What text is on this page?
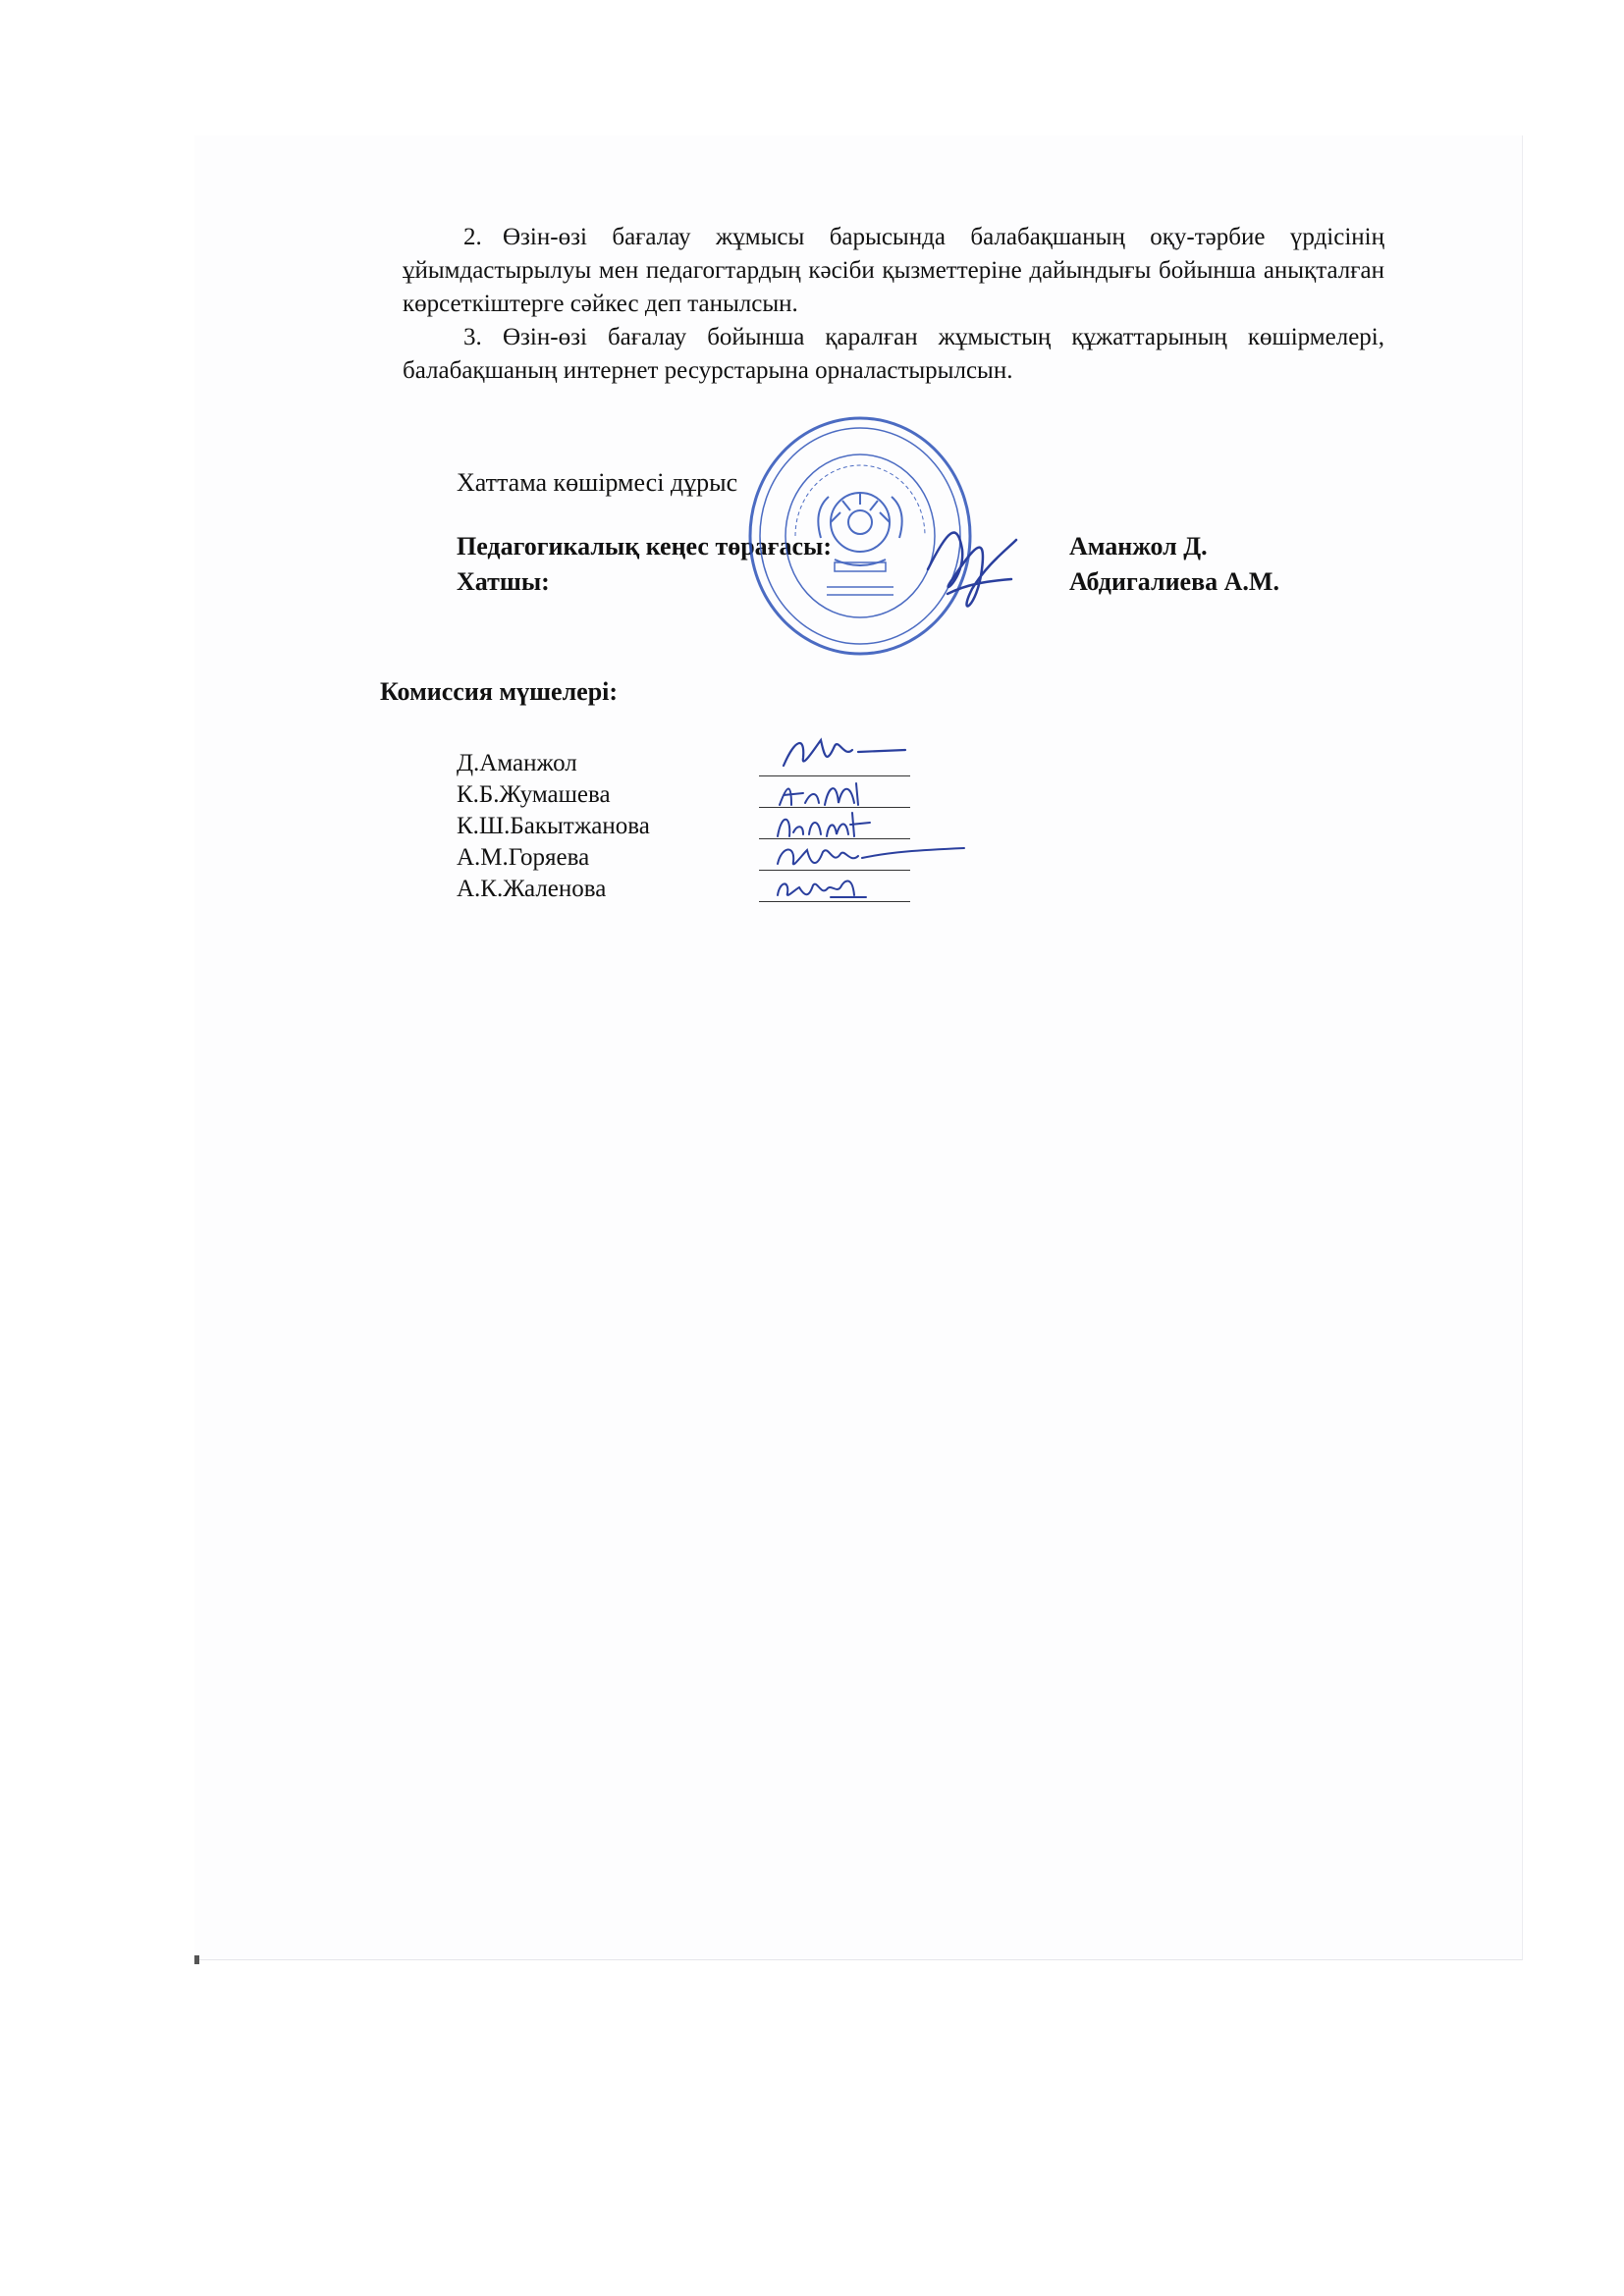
2. Өзін-өзі бағалау жұмысы барысында балабақшаның оқу-тәрбие үрдісінің ұйымдастырылуы мен педагогтардың кәсіби қызметтеріне дайындығы бойынша анықталған көрсеткіштерге сәйкес деп танылсын.
3. Өзін-өзі бағалау бойынша қаралған жұмыстың құжаттарының көшірмелері, балабақшаның интернет ресурстарына орналастырылсын.
Хаттама көшірмесі дұрыс
Педагогикалық кеңес төрағасы:
Хатшы:
Аманжол Д.
Абдигалиева А.М.
Комиссия мүшелері:
Д.Аманжол
К.Б.Жумашева
К.Ш.Бакытжанова
А.М.Горяева
А.К.Жаленова
